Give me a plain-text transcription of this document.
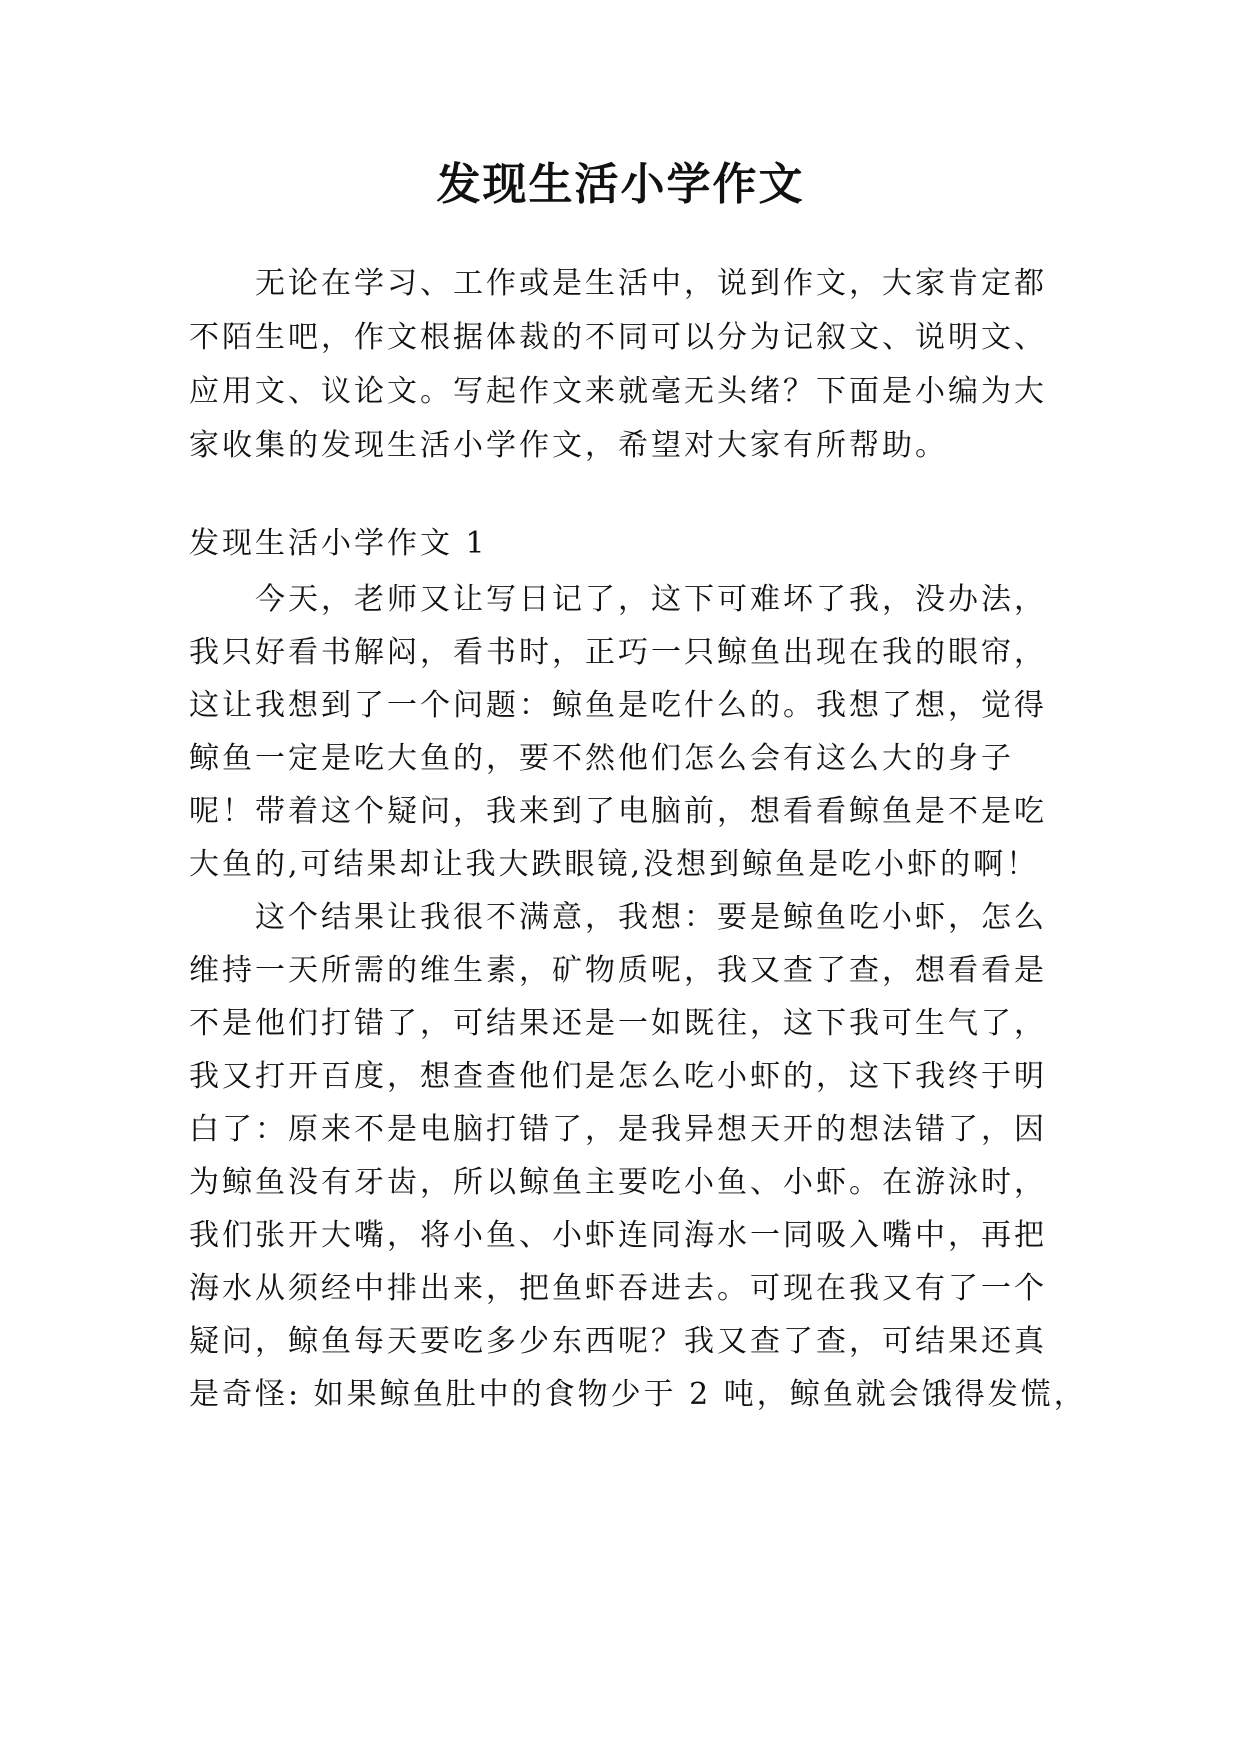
发现生活小学作文
无论在学习、工作或是生活中，说到作文，大家肯定都
不陌生吧，作文根据体裁的不同可以分为记叙文、说明文、
应用文、议论文。写起作文来就毫无头绪？下面是小编为大
家收集的发现生活小学作文，希望对大家有所帮助。
发现生活小学作文 1
今天，老师又让写日记了，这下可难坏了我，没办法，
我只好看书解闷，看书时，正巧一只鲸鱼出现在我的眼帘，
这让我想到了一个问题：鲸鱼是吃什么的。我想了想，觉得
鲸鱼一定是吃大鱼的，要不然他们怎么会有这么大的身子
呢！带着这个疑问，我来到了电脑前，想看看鲸鱼是不是吃
大鱼的,可结果却让我大跌眼镜,没想到鲸鱼是吃小虾的啊！
这个结果让我很不满意，我想：要是鲸鱼吃小虾，怎么
维持一天所需的维生素，矿物质呢，我又查了查，想看看是
不是他们打错了，可结果还是一如既往，这下我可生气了，
我又打开百度，想查查他们是怎么吃小虾的，这下我终于明
白了：原来不是电脑打错了，是我异想天开的想法错了，因
为鲸鱼没有牙齿，所以鲸鱼主要吃小鱼、小虾。在游泳时，
我们张开大嘴，将小鱼、小虾连同海水一同吸入嘴中，再把
海水从须经中排出来，把鱼虾吞进去。可现在我又有了一个
疑问，鲸鱼每天要吃多少东西呢？我又查了查，可结果还真
是奇怪: 如果鲸鱼肚中的食物少于 2 吨，鲸鱼就会饿得发慌，
